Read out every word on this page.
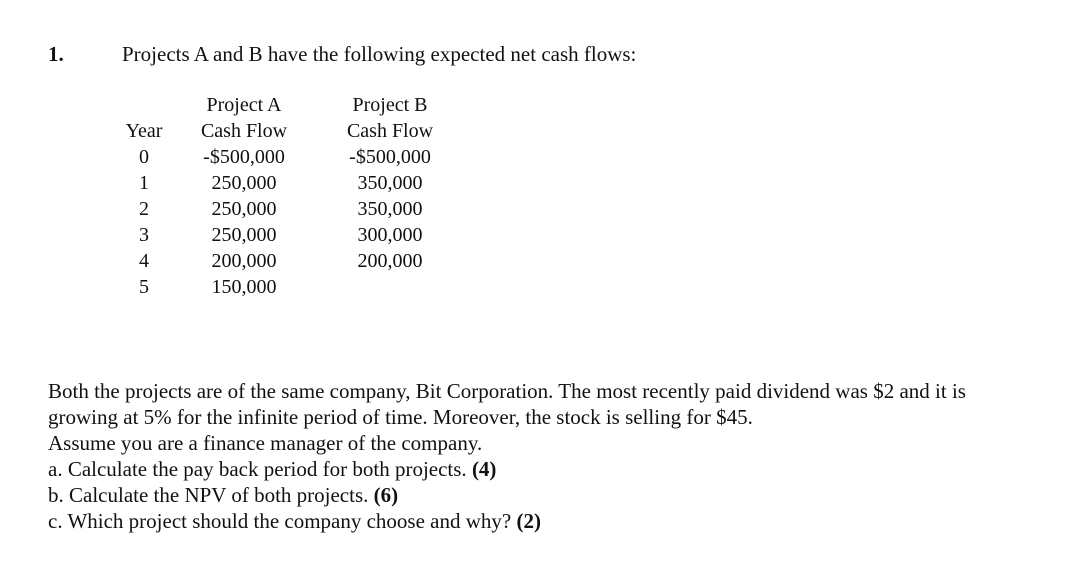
1.	Projects A and B have the following expected net cash flows:
Year
0
1
2
3
4
5
Project A
Cash Flow
-$500,000
250,000
250,000
250,000
200,000
150,000
Project B
Cash Flow
-$500,000
350,000
350,000
300,000
200,000
Both the projects are of the same company, Bit Corporation. The most recently paid dividend was $2 and it is
growing at 5% for the infinite period of time. Moreover, the stock is selling for $45.
Assume you are a finance manager of the company.
a. Calculate the pay back period for both projects. (4)
b. Calculate the NPV of both projects. (6)
c. Which project should the company choose and why? (2)
